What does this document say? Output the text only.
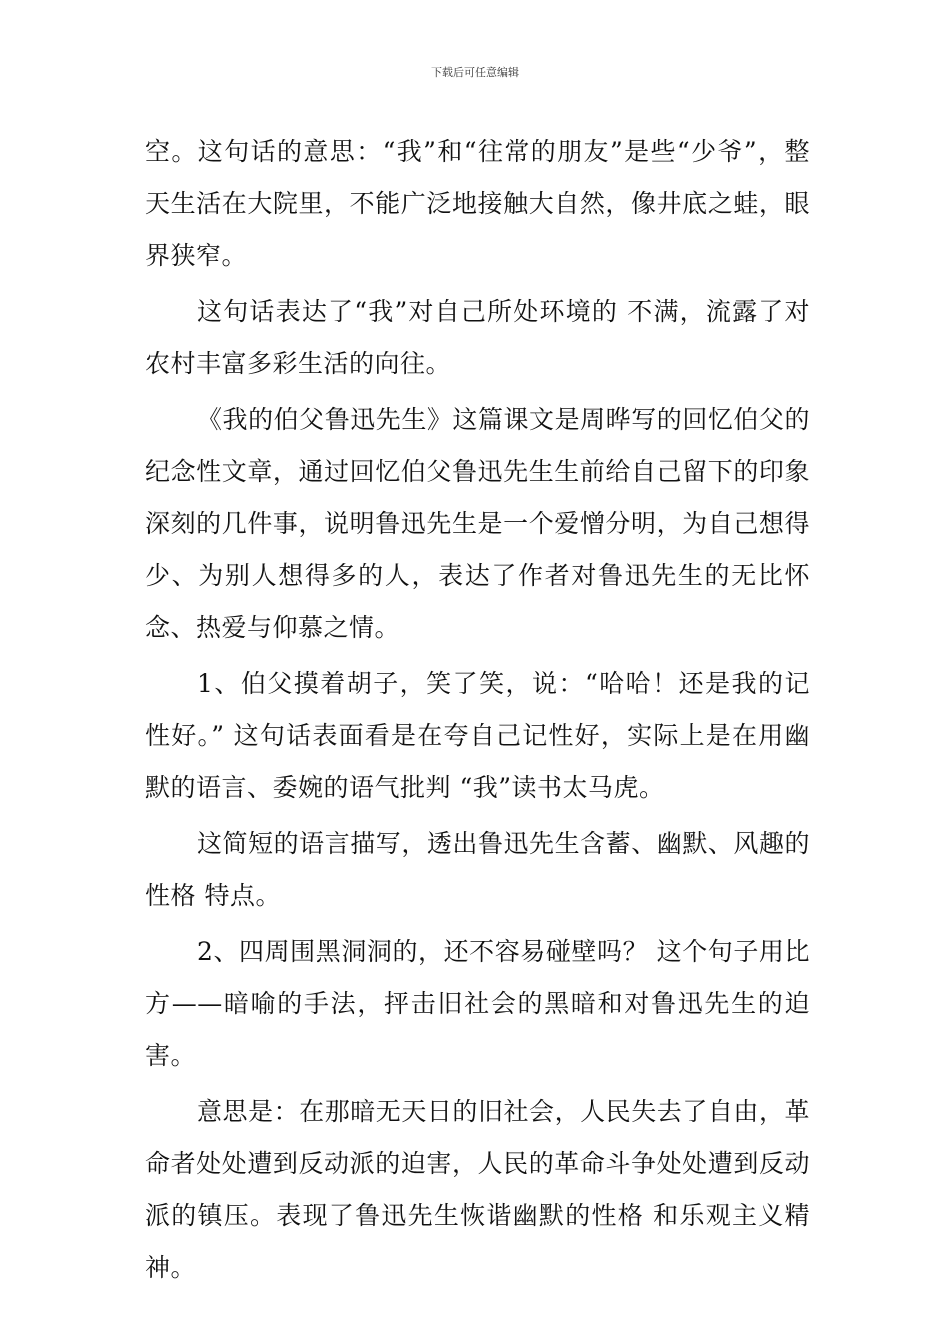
下载后可任意编辑

空。这句话的意思：“我”和“往常的朋友”是些“少爷”，整天生活在大院里，不能广泛地接触大自然，像井底之蛙，眼界狭窄。

这句话表达了“我”对自己所处环境的 不满，流露了对农村丰富多彩生活的向往。

《我的伯父鲁迅先生》这篇课文是周晔写的回忆伯父的纪念性文章，通过回忆伯父鲁迅先生生前给自己留下的印象深刻的几件事，说明鲁迅先生是一个爱憎分明，为自己想得少、为别人想得多的人，表达了作者对鲁迅先生的无比怀念、热爱与仰慕之情。

1、伯父摸着胡子，笑了笑，说：“哈哈！还是我的记性好。” 这句话表面看是在夸自己记性好，实际上是在用幽默的语言、委婉的语气批判 “我”读书太马虎。

这简短的语言描写，透出鲁迅先生含蓄、幽默、风趣的性格 特点。

2、四周围黑洞洞的，还不容易碰壁吗？ 这个句子用比方——暗喻的手法，抨击旧社会的黑暗和对鲁迅先生的迫害。

意思是：在那暗无天日的旧社会，人民失去了自由，革命者处处遭到反动派的迫害，人民的革命斗争处处遭到反动派的镇压。表现了鲁迅先生恢谐幽默的性格 和乐观主义精神。
